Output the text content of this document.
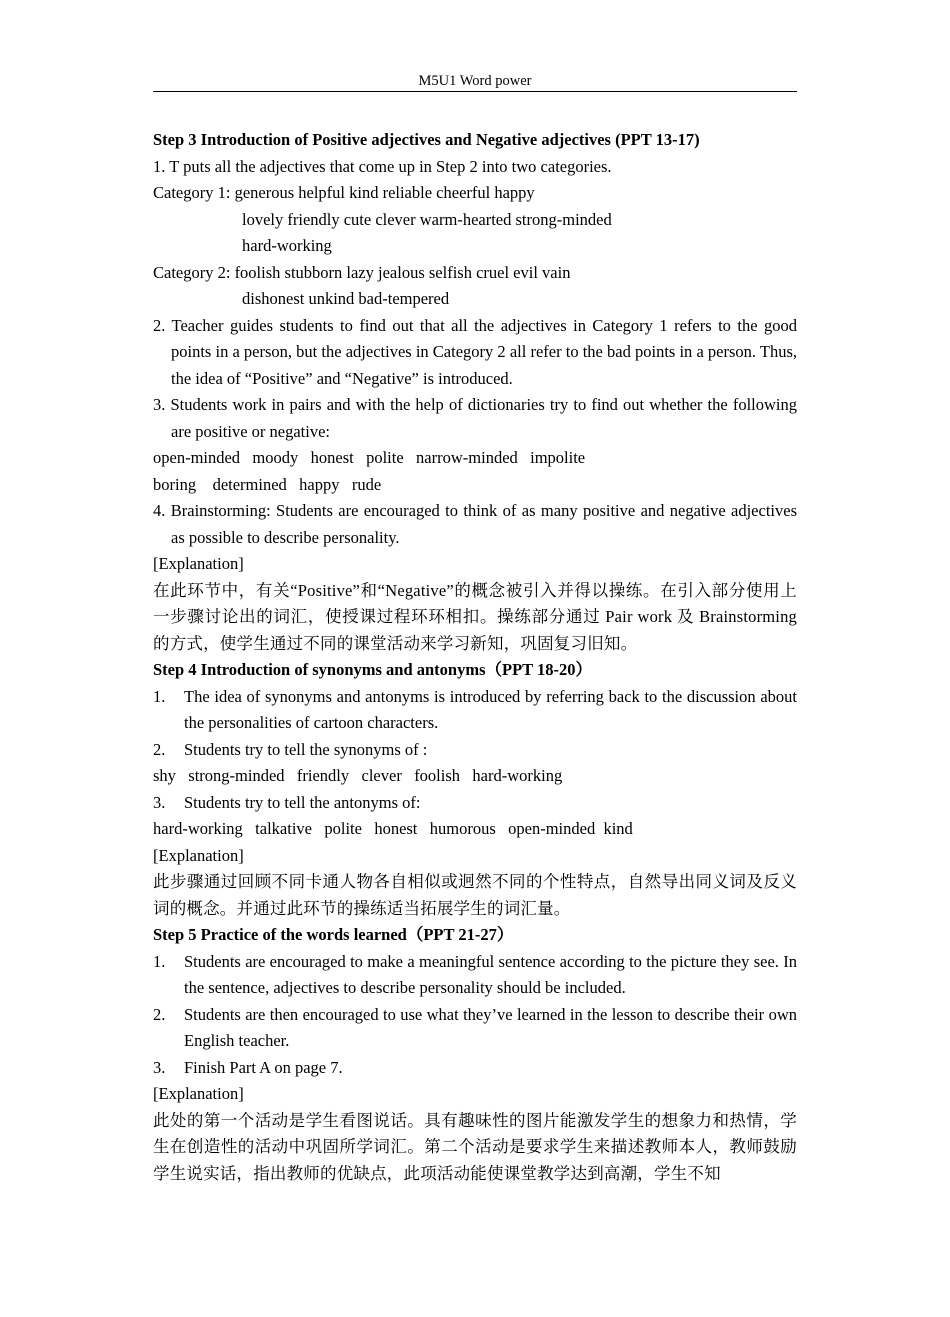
M5U1 Word power

Step 3 Introduction of Positive adjectives and Negative adjectives (PPT 13-17)

1. T puts all the adjectives that come up in Step 2 into two categories.

Category 1: generous helpful kind reliable cheerful happy

lovely friendly cute clever warm-hearted strong-minded

hard-working

Category 2: foolish stubborn lazy jealous selfish cruel evil vain

dishonest unkind bad-tempered

2. Teacher guides students to find out that all the adjectives in Category 1 refers to the good points in a person, but the adjectives in Category 2 all refer to the bad points in a person. Thus, the idea of “Positive” and “Negative” is introduced.

3. Students work in pairs and with the help of dictionaries try to find out whether the following are positive or negative:

open-minded   moody   honest   polite   narrow-minded   impolite

boring    determined   happy   rude

4. Brainstorming: Students are encouraged to think of as many positive and negative adjectives as possible to describe personality.

[Explanation]

在此环节中，有关“Positive”和“Negative”的概念被引入并得以操练。在引入部分使用上一步骤讨论出的词汇，使授课过程环环相扣。操练部分通过 Pair work 及 Brainstorming 的方式，使学生通过不同的课堂活动来学习新知，巩固复习旧知。

Step 4 Introduction of synonyms and antonyms（PPT 18-20）

1.	The idea of synonyms and antonyms is introduced by referring back to the discussion about the personalities of cartoon characters.

2.	Students try to tell the synonyms of :

shy   strong-minded   friendly   clever   foolish   hard-working

3.	Students try to tell the antonyms of:

hard-working   talkative   polite   honest   humorous   open-minded  kind

[Explanation]

此步骤通过回顾不同卡通人物各自相似或迥然不同的个性特点，自然导出同义词及反义词的概念。并通过此环节的操练适当拓展学生的词汇量。

Step 5 Practice of the words learned（PPT 21-27）

1.	Students are encouraged to make a meaningful sentence according to the picture they see. In the sentence, adjectives to describe personality should be included.

2.	Students are then encouraged to use what they’ve learned in the lesson to describe their own English teacher.

3.	Finish Part A on page 7.

[Explanation]

此处的第一个活动是学生看图说话。具有趣味性的图片能激发学生的想象力和热情，学生在创造性的活动中巩固所学词汇。第二个活动是要求学生来描述教师本人，教师鼓励学生说实话，指出教师的优缺点，此项活动能使课堂教学达到高潮，学生不知
